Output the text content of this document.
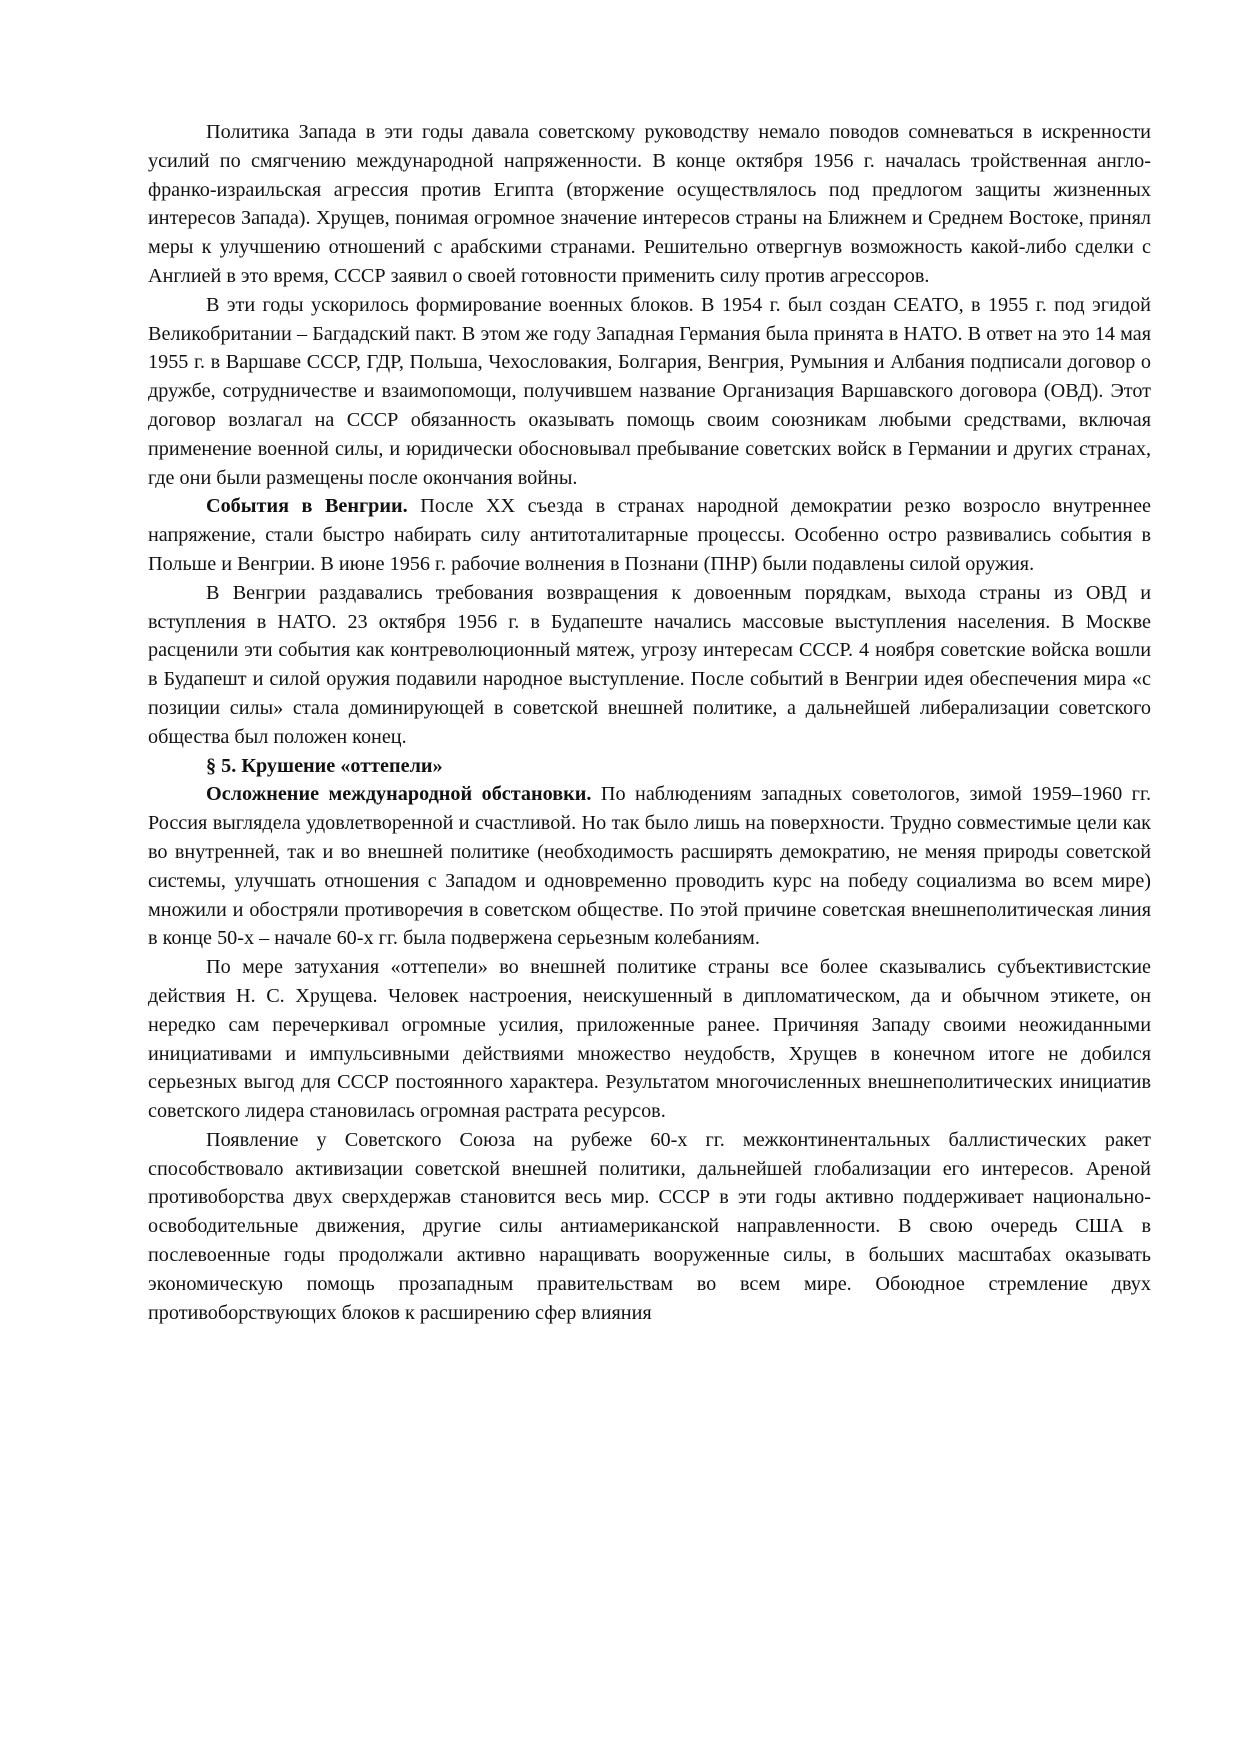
Политика Запада в эти годы давала советскому руководству немало поводов сомневаться в искренности усилий по смягчению международной напряженности. В конце октября 1956 г. началась тройственная англо-франко-израильская агрессия против Египта (вторжение осуществлялось под предлогом защиты жизненных интересов Запада). Хрущев, понимая огромное значение интересов страны на Ближнем и Среднем Востоке, принял меры к улучшению отношений с арабскими странами. Решительно отвергнув возможность какой-либо сделки с Англией в это время, СССР заявил о своей готовности применить силу против агрессоров.

В эти годы ускорилось формирование военных блоков. В 1954 г. был создан СЕАТО, в 1955 г. под эгидой Великобритании – Багдадский пакт. В этом же году Западная Германия была принята в НАТО. В ответ на это 14 мая 1955 г. в Варшаве СССР, ГДР, Польша, Чехословакия, Болгария, Венгрия, Румыния и Албания подписали договор о дружбе, сотрудничестве и взаимопомощи, получившем название Организация Варшавского договора (ОВД). Этот договор возлагал на СССР обязанность оказывать помощь своим союзникам любыми средствами, включая применение военной силы, и юридически обосновывал пребывание советских войск в Германии и других странах, где они были размещены после окончания войны.

События в Венгрии. После XX съезда в странах народной демократии резко возросло внутреннее напряжение, стали быстро набирать силу антитоталитарные процессы. Особенно остро развивались события в Польше и Венгрии. В июне 1956 г. рабочие волнения в Познани (ПНР) были подавлены силой оружия.

В Венгрии раздавались требования возвращения к довоенным порядкам, выхода страны из ОВД и вступления в НАТО. 23 октября 1956 г. в Будапеште начались массовые выступления населения. В Москве расценили эти события как контреволюционный мятеж, угрозу интересам СССР. 4 ноября советские войска вошли в Будапешт и силой оружия подавили народное выступление. После событий в Венгрии идея обеспечения мира «с позиции силы» стала доминирующей в советской внешней политике, а дальнейшей либерализации советского общества был положен конец.

§ 5. Крушение «оттепели»

Осложнение международной обстановки. По наблюдениям западных советологов, зимой 1959–1960 гг. Россия выглядела удовлетворенной и счастливой. Но так было лишь на поверхности. Трудно совместимые цели как во внутренней, так и во внешней политике (необходимость расширять демократию, не меняя природы советской системы, улучшать отношения с Западом и одновременно проводить курс на победу социализма во всем мире) множили и обостряли противоречия в советском обществе. По этой причине советская внешнеполитическая линия в конце 50-х – начале 60-х гг. была подвержена серьезным колебаниям.

По мере затухания «оттепели» во внешней политике страны все более сказывались субъективистские действия Н. С. Хрущева. Человек настроения, неискушенный в дипломатическом, да и обычном этикете, он нередко сам перечеркивал огромные усилия, приложенные ранее. Причиняя Западу своими неожиданными инициативами и импульсивными действиями множество неудобств, Хрущев в конечном итоге не добился серьезных выгод для СССР постоянного характера. Результатом многочисленных внешнеполитических инициатив советского лидера становилась огромная растрата ресурсов.

Появление у Советского Союза на рубеже 60-х гг. межконтинентальных баллистических ракет способствовало активизации советской внешней политики, дальнейшей глобализации его интересов. Ареной противоборства двух сверхдержав становится весь мир. СССР в эти годы активно поддерживает национально-освободительные движения, другие силы антиамериканской направленности. В свою очередь США в послевоенные годы продолжали активно наращивать вооруженные силы, в больших масштабах оказывать экономическую помощь прозападным правительствам во всем мире. Обоюдное стремление двух противоборствующих блоков к расширению сфер влияния
